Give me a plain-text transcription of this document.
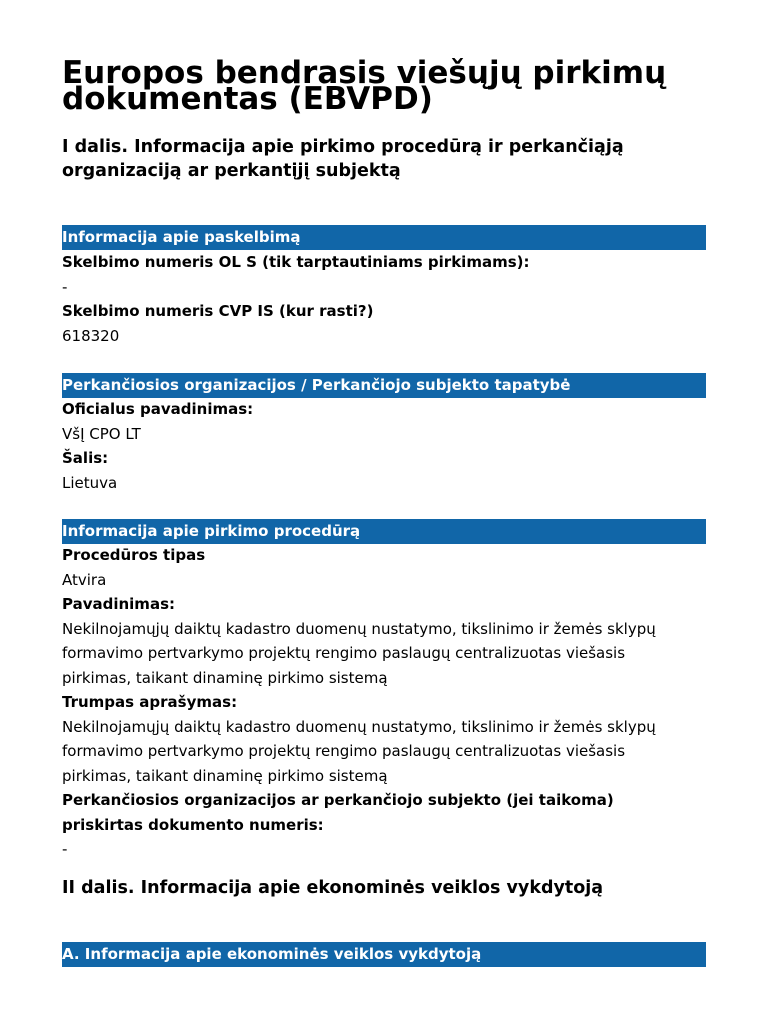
Europos bendrasis viešųjų pirkimų dokumentas (EBVPD)
I dalis. Informacija apie pirkimo procedūrą ir perkančiąją organizaciją ar perkantįjį subjektą
Informacija apie paskelbimą
Skelbimo numeris OL S (tik tarptautiniams pirkimams):
-
Skelbimo numeris CVP IS (kur rasti?)
618320
Perkančiosios organizacijos / Perkančiojo subjekto tapatybė
Oficialus pavadinimas:
VšĮ CPO LT
Šalis:
Lietuva
Informacija apie pirkimo procedūrą
Procedūros tipas
Atvira
Pavadinimas:
Nekilnojamųjų daiktų kadastro duomenų nustatymo, tikslinimo ir žemės sklypų
formavimo pertvarkymo projektų rengimo paslaugų centralizuotas viešasis
pirkimas, taikant dinaminę pirkimo sistemą
Trumpas aprašymas:
Nekilnojamųjų daiktų kadastro duomenų nustatymo, tikslinimo ir žemės sklypų
formavimo pertvarkymo projektų rengimo paslaugų centralizuotas viešasis
pirkimas, taikant dinaminę pirkimo sistemą
Perkančiosios organizacijos ar perkančiojo subjekto (jei taikoma)
priskirtas dokumento numeris:
-
II dalis. Informacija apie ekonominės veiklos vykdytoją
A. Informacija apie ekonominės veiklos vykdytoją
